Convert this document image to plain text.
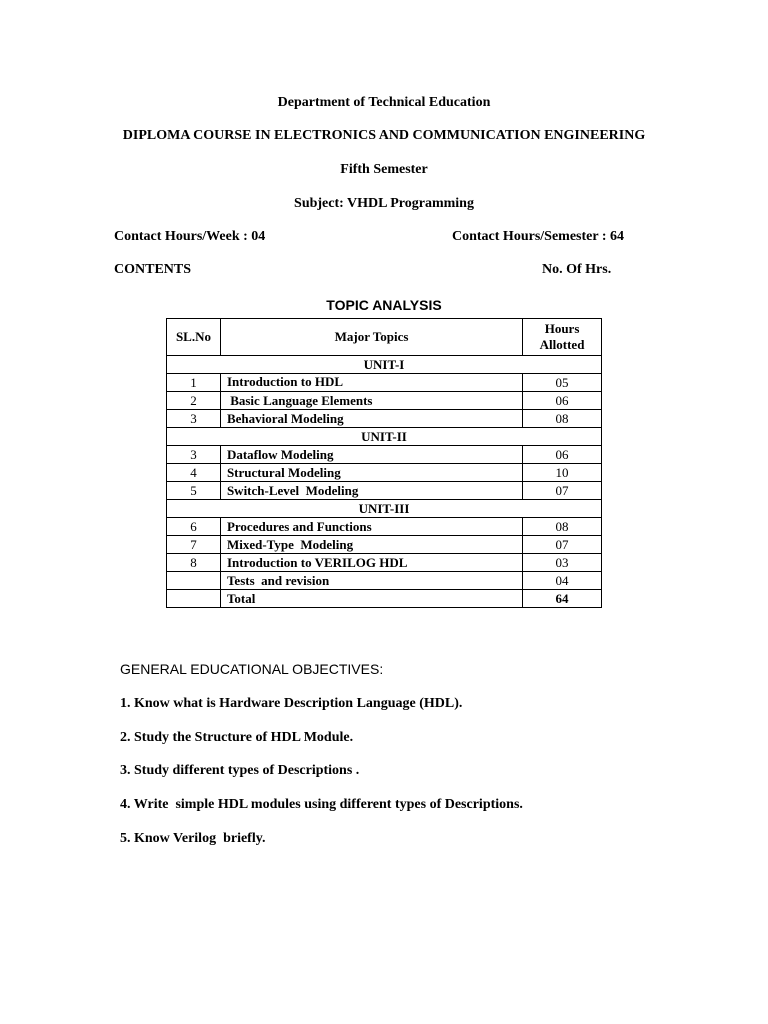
Department of Technical Education
DIPLOMA COURSE IN ELECTRONICS AND COMMUNICATION ENGINEERING
Fifth Semester
Subject: VHDL Programming
Contact Hours/Week : 04	Contact Hours/Semester : 64
CONTENTS	No. Of Hrs.
TOPIC ANALYSIS
SL.No	Major Topics	Hours
Allotted
UNIT-I		
1	Introduction to HDL	05
2	Basic Language Elements	06
3	Behavioral Modeling	08
UNIT-II		
3	Dataflow Modeling	06
4	Structural Modeling	10
5	Switch-Level  Modeling	07
UNIT-III		
6	Procedures and Functions	08
7	Mixed-Type  Modeling	07
8	Introduction to VERILOG HDL	03
	Tests  and revision	04
	Total	64
GENERAL EDUCATIONAL OBJECTIVES:
1. Know what is Hardware Description Language (HDL).
2. Study the Structure of HDL Module.
3. Study different types of Descriptions .
4. Write  simple HDL modules using different types of Descriptions.
5. Know Verilog  briefly.
